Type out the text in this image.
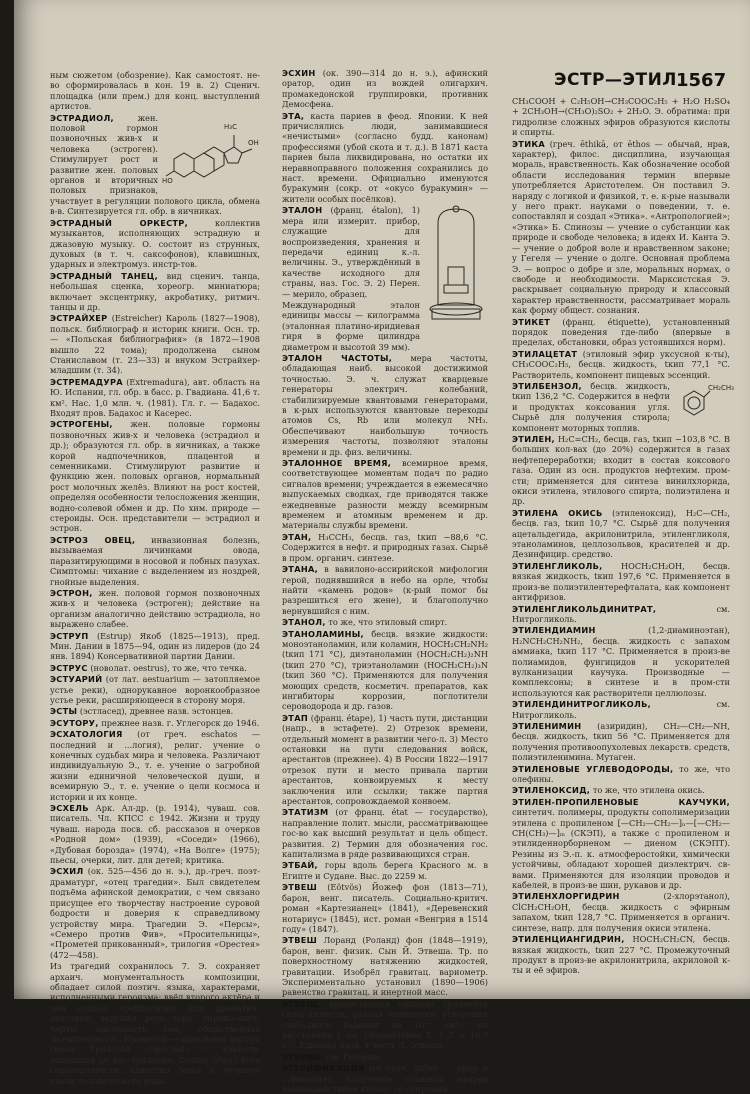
ЭСТР—ЭТИЛ 1567

ным сюжетом (обозрение). Как самостоят. не-во сформировалась в кон. 19 в. 2) Сценич. площадка (или прем.) для конц. выступлений артистов.

H₃C
OH
HO
ЭСТРАДИОЛ,	жен. половой гормон позвоночных жив-х и человека (эстроген). Стимулирует рост и развитие жен. половых органов и вторичных половых признаков, участвует в регуляции полового цикла, обмена в-в. Синтезируется гл. обр. в яичниках.

ЭСТРАДНЫЙ ОРКЕСТР,	коллектив музыкантов, исполняющих эстрадную и джазовую музыку. О. состоит из струнных, духовых (в т. ч. саксофонов), клавишных, ударных и электромуз. инстр-тов.

ЭСТРАДНЫЙ ТАНЕЦ, вид сценич. танца, небольшая сценка, хореогр. миниатюра; включает эксцентрику, акробатику, ритмич. танцы и др.

ЭСТРАЙХЕР (Estreicher) Кароль (1827—1908), польск. библиограф и историк книги. Осн. тр. — «Польская библиография» (в 1872—1908 вышло 22 тома); продолжена сыном Станиславом (т. 23—33) и внуком Эстрайхер-младшим (т. 34).

ЭСТРЕМАДУРА (Extremadura), авт. область на Ю. Испании, гл. обр. в басс. р. Гвадиана. 41,6 т. км². Нас. 1,0 млн. ч. (1981). Гл. г. — Бадахос. Входят пров. Бадахос и Касерес.

ЭСТРОГЕНЫ, жен. половые гормоны позвоночных жив-х и человека (эстрадиол и др.); образуются гл. обр. в яичниках, а также корой надпочечников, плацентой и семенниками. Стимулируют развитие и функцию жен. половых органов, нормальный рост молочных желёз. Влияют на рост костей, определяя особенности телосложения женщин, водно-солевой обмен и др. По хим. природе — стероиды. Осн. представители — эстрадиол и эстрон.

ЭСТРОЗ ОВЕЦ, инвазионная болезнь, вызываемая личинками овода, паразитирующими в носовой и лобных пазухах. Симптомы: чихание с выделением из ноздрей, гнойные выделения.

ЭСТРОН, жен. половой гормон позвоночных жив-х и человека (эстроген); действие на организм аналогично действию эстрадиола, но выражено слабее.

ЭСТРУП (Estrup) Якоб (1825—1913), пред. Мин. Дании в 1875—94, один из лидеров (до 24 янв. 1894) Консервативной партии Дании.

ЭСТРУС (новолат. oestrus), то же, что течка.

ЭСТУАРИЙ (от лат. aestuarium — затопляемое устье реки), однорукавное воронкообразное устье реки, расширяющееся в сторону моря.

ЭСТЫ (эстласед), древнее назв. эстонцев.

ЭСУТОРУ, прежнее назв. г. Углегорск до 1946.

ЭСХАТОЛОГИЯ (от греч. eschatos — последний и ...логия), религ. учение о конечных судьбах мира и человека. Различают индивидуальную Э., т. е. учение о загробной жизни единичной человеческой души, и всемирную Э., т. е. учение о цели космоса и истории и их конце.

ЭСХЕЛЬ Арк. Ал-др. (р. 1914), чуваш. сов. писатель. Чл. КПСС с 1942. Жизни и труду чуваш. народа посв. сб. рассказов и очерков «Родной дом» (1939), «Соседи» (1966), «Дубовая борозда» (1974), «На Волге» (1975); пьесы, очерки, лит. для детей; критика.

ЭСХИЛ (ок. 525—456 до н. э.), др.-греч. поэт-драматург, «отец трагедии». Был свидетелем подъёма афинской демократии, с чем связано присущее его творчеству настроение суровой бодрости и доверия к справедливому устройству мира. Трагедии Э. «Персы», «Семеро против Фив», «Просительницы», «Прометей прикованный», трилогия «Орестея» (472—458).

Из трагедий сохранилось 7. Э. сохраняет архаич. монументальность композиции, обладает силой поэтич. языка, характерами, исполненными героизма; ввёл второго актёра и тем создал предпосылки для драматич. действия; ведущая роль хора, лирико-эпич. черты, значимость тем, общественная значительность. Прометей — идеальная фигура героя. Трилогия «Орестея» — единств. дошедшая до нас трилогия. Создан образ бога справедливости, единство Зевса и лучшего удела человеческого рода.

ЭСХИН (ок. 390—314 до н. э.), афинский оратор, один из вождей олигархич. промакедонской группировки, противник Демосфена.

ЭТА, каста париев в феод. Японии. К ней причислялись люди, занимавшиеся «нечистыми» (согласно будд. канонам) профессиями (убой скота и т. д.). В 1871 каста париев была ликвидирована, но остатки их неравноправного положения сохранились до наст. времени. Официально именуются буракумин (сокр. от «окусо буракумин» — жители особых посёлков).

ЭТАЛОН (франц. étalon), 1) мера или измерит. прибор, служащие для воспроизведения, хранения и передачи единиц к.-л. величины. Э., утверждённый в качестве исходного для страны, наз. Гос. Э. 2) Перен. — мерило, образец.

Международный эталон единицы массы — килограмма (эталонная платино-иридиевая гиря в форме цилиндра диаметром и высотой 39 мм).

ЭТАЛОН ЧАСТОТЫ, мера частоты, обладающая наиб. высокой достижимой точностью. Э. ч. служат кварцевые генераторы электрич. колебаний, стабилизируемые квантовыми генераторами, в к-рых используются квантовые переходы атомов Cs, Rb или молекул NH₃. Обеспечивают наибольшую точность измерения частоты, позволяют эталоны времени и др. физ. величины.

ЭТАЛОННОЕ ВРЕМЯ, всемирное время, соответствующее моментам подач по радио сигналов времени; учреждается в ежемесячно выпускаемых сводках, где приводятся также ежедневные разности между всемирным временем и атомным временем и др. материалы службы времени.

ЭТАН, H₃CCH₃, бесцв. газ, tкип −88,6 °C. Содержится в нефт. и природных газах. Сырьё в пром. органич. синтезе.

ЭТАНА, в вавилоно-ассирийской мифологии герой, поднявшийся в небо на орле, чтобы найти «камень родов» (к-рый помог бы разрешиться его жене), и благополучно вернувшийся с ним.

ЭТАНОЛ, то же, что этиловый спирт.

ЭТАНОЛАМИНЫ, бесцв. вязкие жидкости: моноэтаноламин, или коламин, HOCH₂CH₂NH₂ (tкип 171 °C), диэтаноламин (HOCH₂CH₂)₂NH (tкип 270 °C), триэтаноламин (HOCH₂CH₂)₃N (tкип 360 °C). Применяются для получения моющих средств, косметич. препаратов, как ингибиторы коррозии, поглотители сероводорода и др. газов.

ЭТАП (франц. étape), 1) часть пути, дистанции (напр., в эстафете). 2) Отрезок времени, отдельный момент в развитии чего-л. 3) Место остановки на пути следования войск, арестантов (прежнее). 4) В России 1822—1917 отрезок пути и место привала партии арестантов, конвоируемых к месту заключения или ссылки; также партия арестантов, сопровождаемой конвоем.

ЭТАТИЗМ (от франц. état — государство), направление полит. мысли, рассматривающее гос-во как высший результат и цель общест. развития. 2) Термин для обозначения гос. капитализма в ряде развивающихся стран.

ЭТБАЙ, горы вдоль берега Красного м. в Египте и Судане. Выс. до 2259 м.

ЭТВЕШ (Eötvös) Йожеф фон (1813—71), барон, венг. писатель. Социально-критич. роман «Картезианец» (1841), «Деревенский нотариус» (1845), ист. роман «Венгрия в 1514 году» (1847).

ЭТВЕШ Лоранд (Роланд) фон (1848—1919), барон, венг. физик. Сын Й. Этвеша. Тр. по поверхностному натяжению жидкостей, гравитации. Изобрёл гравитац. вариометр. Экспериментально установил (1890—1906) равенство гравитац. и инертной масс.

ЭТВЕШ, внесистемная единица градиента силы тяжести, равная изменению ускорения свободного падения на 10⁻⁹ см/с² на расстоянии 1 см. Обозначение Е. 1 Е = 10⁻⁹ с⁻². Единица назв. в честь Л. Этвеша.

ЭТЕРИИ, см. Гетерии.

ЭТЕРИФИКАЦИЯ (от греч. aither — эфир и ...фикация), получение сложных эфиров взаимодействием кислот со спиртами:

CH₃COOH + C₂H₅OH→CH₃COOC₂H₅ + H₂O H₂SO₄ + 2CH₃OH→(CH₃O)₂SO₂ + 2H₂O. Э. обратима: при гидролизе сложных эфиров образуются кислоты и спирты.

ЭТИКА (греч. ēthikā, от ēthos — обычай, нрав, характер), филос. дисциплина, изучающая мораль, нравственность. Как обозначение особой области исследования термин впервые употребляется Аристотелем. Он поставил Э. наряду с логикой и физикой, т. е. к-рые называли у него практ. науками о поведении, т. е. сопоставлял и создал «Этика». «Антропологией»; «Этика» Б. Спинозы — учение о субстанции как природе и свободе человека; в идеях И. Канта Э. — учение о доброй воле и нравственном законе; у Гегеля — учение о долге. Основная проблема Э. — вопрос о добре и зле, моральных нормах, о свободе и необходимости. Марксистская Э. раскрывает социальную природу и классовый характер нравственности, рассматривает мораль как форму общест. сознания.

ЭТИКЕТ (франц. étiquette), установленный порядок поведения где-либо (впервые в пределах, обстановки, образ устоявшихся норм).

ЭТИЛАЦЕТАТ (этиловый эфир уксусной к-ты), CH₃COOC₂H₅, бесцв. жидкость, tкип 77,1 °C. Растворитель, компонент пищевых эссенций.

CH₂CH₃
ЭТИЛБЕНЗОЛ, бесцв. жидкость, tкип 136,2 °C. Содержится в нефти и продуктах коксования угля. Сырьё для получения стирола; компонент моторных топлив.

ЭТИЛЕН, H₂C=CH₂, бесцв. газ, tкип −103,8 °C. В больших кол-вах (до 20%) содержится в газах нефтепереработки; входит в состав коксового газа. Один из осн. продуктов нефтехим. пром-сти; применяется для синтеза винилхлорида, окиси этилена, этилового спирта, полиэтилена и др.

ЭТИЛЕНА ОКИСЬ (этиленоксид), H₂C—CH₂, бесцв. газ, tкип 10,7 °C. Сырьё для получения ацетальдегида, акрилонитрила, этиленгликоля, этаноламинов, целлозольвов, красителей и др. Дезинфицир. средство.

ЭТИЛЕНГЛИКОЛЬ, HOCH₂CH₂OH, бесцв. вязкая жидкость, tкип 197,6 °C. Применяется в произ-ве полиэтилентерефталата, как компонент антифризов.

ЭТИЛЕНГЛИКОЛЬДИНИТРАТ,	см. Нитрогликоль.

ЭТИЛЕНДИАМИН	(1,2-диаминоэтан), H₂NCH₂CH₂NH₂, бесцв. жидкость с запахом аммиака, tкип 117 °C. Применяется в произ-ве полиамидов, фунгицидов и ускорителей вулканизации каучука. Производные — комплексоны; в синтезе и в пром-сти используются как растворители целлюлозы.

ЭТИЛЕНДИНИТРОГЛИКОЛЬ,	см. Нитрогликоль.

ЭТИЛЕНИМИН (азиридин), CH₂—CH₂—NH, бесцв. жидкость, tкип 56 °C. Применяется для получения противоопухолевых лекарств. средств, полиэтиленимина. Мутаген.

ЭТИЛЕНОВЫЕ УГЛЕВОДОРОДЫ, то же, что олефины.

ЭТИЛЕНОКСИД, то же, что этилена окись.

ЭТИЛЕН-ПРОПИЛЕНОВЫЕ КАУЧУКИ, синтетич. полимеры, продукты сополимеризации этилена с пропиленом [—CH₂—CH₂—]ₙ—[—CH₂—CH(CH₃)—]ₘ (СКЭП), а также с пропиленом и этилиденнорборненом — диеном (СКЭПТ). Резины из Э.-п. к. атмосферостойки, химически устойчивы, обладают хорошей диэлектрич. св-вами. Применяются для изоляции проводов и кабелей, в произ-ве шин, рукавов и др.

ЭТИЛЕНХЛОРГИДРИН	(2-хлорэтанол), ClCH₂CH₂OH, бесцв. жидкость с эфирным запахом, tкип 128,7 °C. Применяется в органич. синтезе, напр. для получения окиси этилена.

ЭТИЛЕНЦИАНГИДРИН, HOCH₂CH₂CN, бесцв. вязкая жидкость, tкип 227 °C. Промежуточный продукт в произ-ве акрилонитрила, акриловой к-ты и её эфиров.
